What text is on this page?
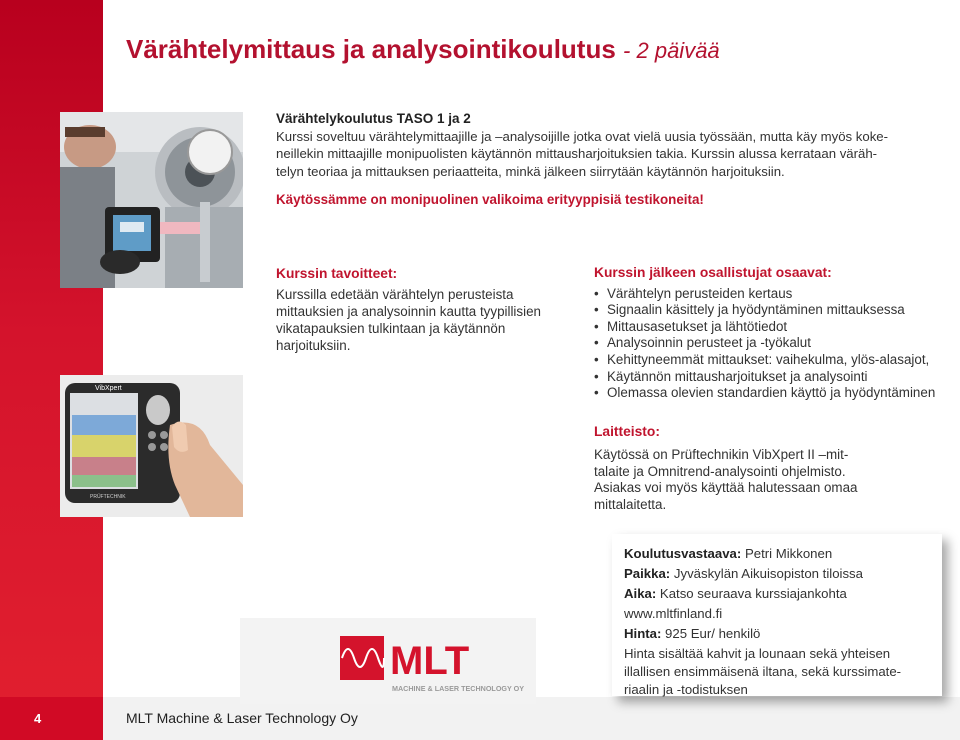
4	MLT Machine & Laser Technology Oy
Värähtelymittaus ja analysointikoulutus - 2 päivää
VibXpert
PRÜFTECHNIK

Värähtelykoulutus TASO 1 ja 2

Kurssi soveltuu värähtelymittaajille ja –analysoijille jotka ovat vielä uusia työssään, mutta käy myös koke-

neillekin mittaajille monipuolisten käytännön mittausharjoituksien takia. Kurssin alussa kerrataan väräh-

telyn teoriaa ja mittauksen periaatteita, minkä jälkeen siirrytään käytännön harjoituksiin.

Käytössämme on monipuolinen valikoima erityyppisiä testikoneita!
Kurssin tavoitteet:
Kurssilla edetään värähtelyn perusteista mittauksien ja analysoinnin kautta tyypillisien vikatapauksien tulkintaan ja käytännön harjoituksiin.
Kurssin jälkeen osallistujat osaavat:
• Värähtelyn perusteiden kertaus
• Signaalin käsittely ja hyödyntäminen mittauksessa
• Mittausasetukset ja lähtötiedot
• Analysoinnin perusteet ja -työkalut
• Kehittyneemmät mittaukset: vaihekulma, ylös-alasajot,
• Käytännön mittausharjoitukset ja analysointi
• Olemassa olevien standardien käyttö ja hyödyntäminen
Laitteisto:
Käytössä on Prüftechnikin VibXpert II –mit-
talaite ja Omnitrend-analysointi ohjelmisto.
Asiakas voi myös käyttää halutessaan omaa
mittalaitetta.
Koulutusvastaava: Petri Mikkonen
Paikka: Jyväskylän Aikuisopiston tiloissa
Aika: Katso seuraava kurssiajankohta
www.mltfinland.fi
Hinta: 925 Eur/ henkilö
Hinta sisältää kahvit ja lounaan sekä yhteisen
illallisen ensimmäisenä iltana, sekä kurssimate-
riaalin ja -todistuksen
MLT
MACHINE & LASER TECHNOLOGY OY
